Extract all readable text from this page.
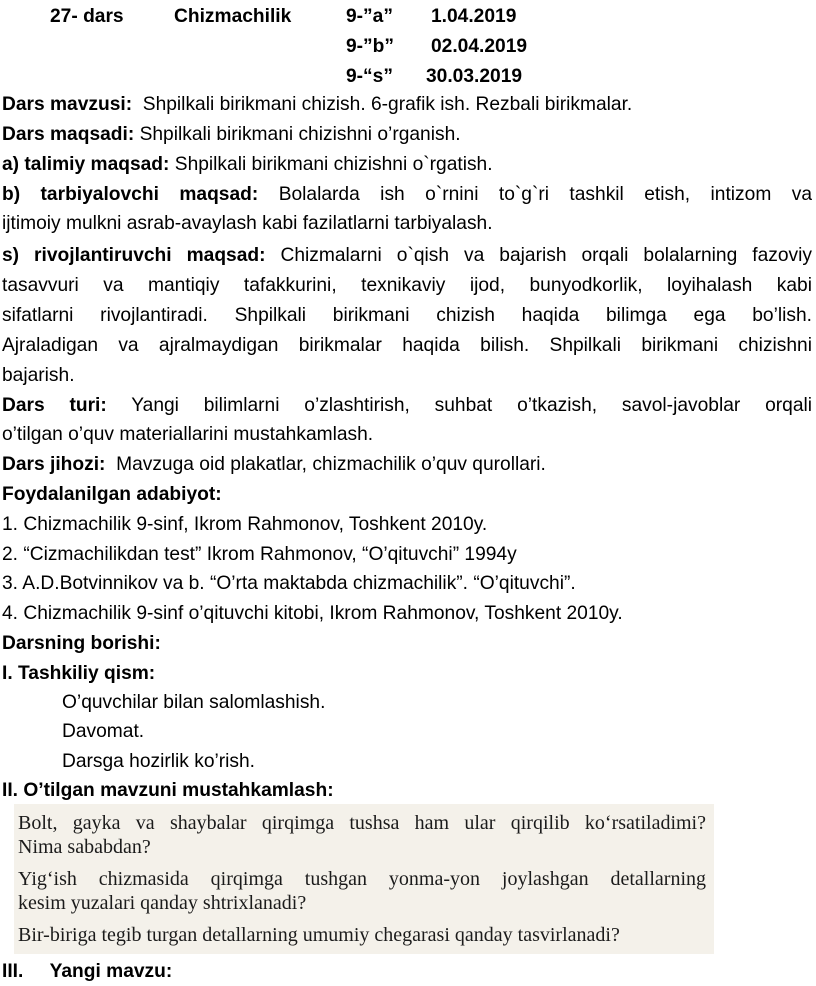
27- dars	Chizmachilik	9-”a” 1.04.2019
9-”b” 02.04.2019
9-“s” 30.03.2019
Dars mavzusi: Shpilkali birikmani chizish. 6-grafik ish. Rezbali birikmalar.
Dars maqsadi: Shpilkali birikmani chizishni o’rganish.
a) talimiy maqsad: Shpilkali birikmani chizishni o`rgatish.
b) tarbiyalovchi maqsad: Bolalarda ish o`rnini to`g`ri tashkil etish, intizom va
ijtimoiy mulkni asrab-avaylash kabi fazilatlarni tarbiyalash.
s) rivojlantiruvchi maqsad: Chizmalarni o`qish va bajarish orqali bolalarning fazoviy
tasavvuri va mantiqiy tafakkurini, texnikaviy ijod, bunyodkorlik, loyihalash kabi
sifatlarni rivojlantiradi. Shpilkali birikmani chizish haqida bilimga ega bo’lish.
Ajraladigan va ajralmaydigan birikmalar haqida bilish. Shpilkali birikmani chizishni
bajarish.
Dars turi: Yangi bilimlarni o’zlashtirish, suhbat o’tkazish, savol-javoblar orqali
o’tilgan o’quv materiallarini mustahkamlash.
Dars jihozi: Mavzuga oid plakatlar, chizmachilik o’quv qurollari.
Foydalanilgan adabiyot:
1. Chizmachilik 9-sinf, Ikrom Rahmonov, Toshkent 2010y.
2. “Cizmachilikdan test” Ikrom Rahmonov, “O’qituvchi” 1994y
3. A.D.Botvinnikov va b. “O’rta maktabda chizmachilik”. “O’qituvchi”.
4. Chizmachilik 9-sinf o’qituvchi kitobi, Ikrom Rahmonov, Toshkent 2010y.
Darsning borishi:
I. Tashkiliy qism:
O’quvchilar bilan salomlashish.
Davomat.
Darsga hozirlik ko’rish.
II. O’tilgan mavzuni mustahkamlash:
Bolt, gayka va shaybalar qirqimga tushsa ham ular qirqilib ko‘rsatiladimi?
Nima sababdan?
Yig‘ish chizmasida qirqimga tushgan yonma-yon joylashgan detallarning
kesim yuzalari qanday shtrixlanadi?
Bir-biriga tegib turgan detallarning umumiy chegarasi qanday tasvirlanadi?
III. Yangi mavzu:
